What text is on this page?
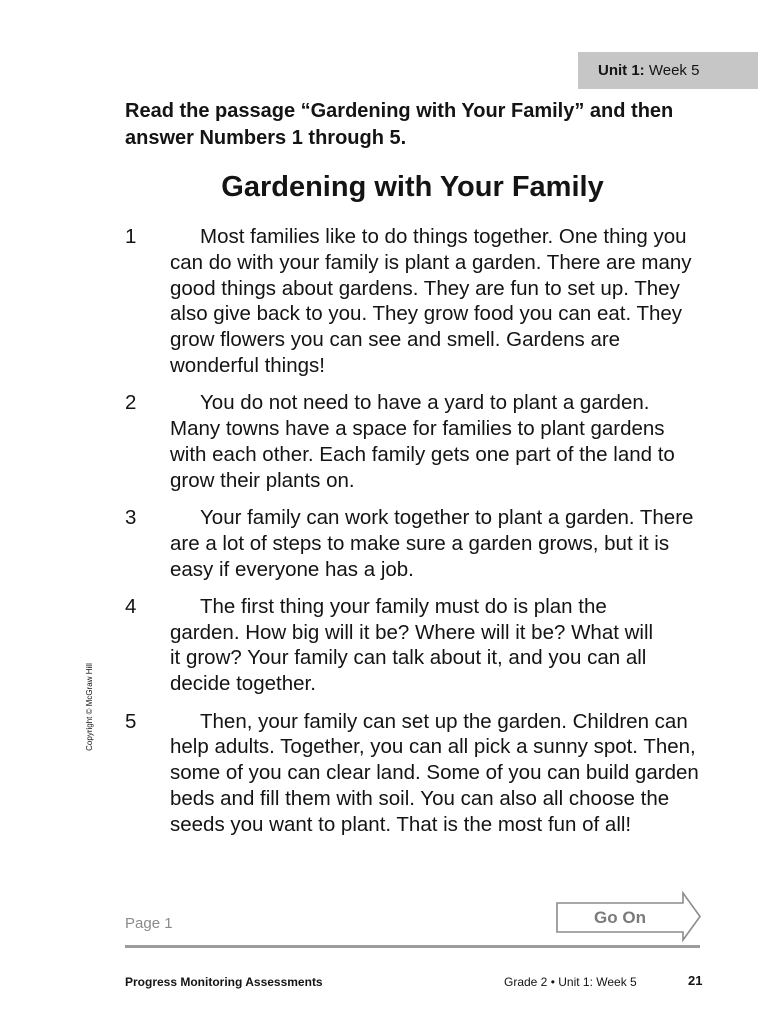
Unit 1: Week 5
Read the passage “Gardening with Your Family” and then
answer Numbers 1 through 5.
Gardening with Your Family
1	Most families like to do things together. One thing you
can do with your family is plant a garden. There are many
good things about gardens. They are fun to set up. They
also give back to you. They grow food you can eat. They
grow flowers you can see and smell. Gardens are
wonderful things!
2	You do not need to have a yard to plant a garden.
Many towns have a space for families to plant gardens
with each other. Each family gets one part of the land to
grow their plants on.
3	Your family can work together to plant a garden. There
are a lot of steps to make sure a garden grows, but it is
easy if everyone has a job.
4	The first thing your family must do is plan the
garden. How big will it be? Where will it be? What will
it grow? Your family can talk about it, and you can all
decide together.
5	Then, your family can set up the garden. Children can
help adults. Together, you can all pick a sunny spot. Then,
some of you can clear land. Some of you can build garden
beds and fill them with soil. You can also all choose the
seeds you want to plant. That is the most fun of all!
Copyright © McGraw Hill
Page 1	Go On
Progress Monitoring Assessments	Grade 2 • Unit 1: Week 5	21
